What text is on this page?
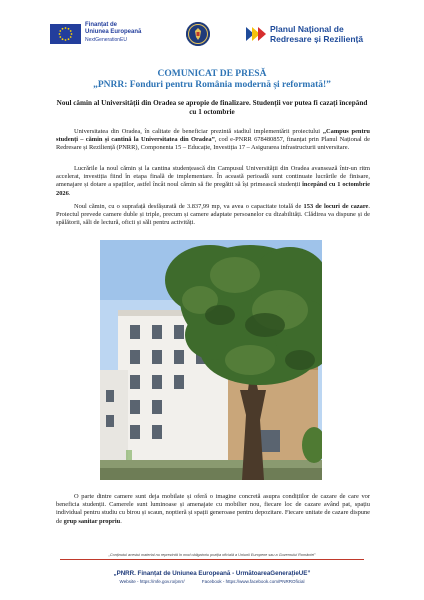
Finanțat de
Uniunea Europeană
NextGenerationEU
Planul Național de
Redresare și Reziliență
COMUNICAT DE PRESĂ
„PNRR: Fonduri pentru România modernă și reformată!”
Noul cămin al Universității din Oradea se apropie de finalizare. Studenții vor putea fi cazați începând cu 1 octombrie

Universitatea din Oradea, în calitate de beneficiar prezintă stadiul implementării proiectului „Campus pentru studenți – cămin și cantină la Universitatea din Oradea”, cod e-PNRR 678480857, finanțat prin Planul Național de Redresare și Reziliență (PNRR), Componenta 15 – Educație, Investiția 17 – Asigurarea infrastructurii universitare.

Lucrările la noul cămin și la cantina studențească din Campusul Universității din Oradea avansează într-un ritm accelerat, investiția fiind în etapa finală de implementare. În această perioadă sunt continuate lucrările de finisare, amenajare și dotare a spațiilor, astfel încât noul cămin să fie pregătit să își primească studenții începând cu 1 octombrie 2026.

Noul cămin, cu o suprafață desfășurată de 3.837,99 mp, va avea o capacitate totală de 153 de locuri de cazare. Proiectul prevede camere duble și triple, precum și camere adaptate persoanelor cu dizabilități. Clădirea va dispune și de spălătorii, săli de lectură, oficii și săli pentru activități.

O parte dintre camere sunt deja mobilate și oferă o imagine concretă asupra condițiilor de cazare de care vor beneficia studenții. Camerele sunt luminoase și amenajate cu mobilier nou, fiecare loc de cazare având pat, spațiu individual pentru studiu cu birou și scaun, noptieră și spații generoase pentru depozitare. Fiecare unitate de cazare dispune de grup sanitar propriu.

„Conținutul acestui material nu reprezintă în mod obligatoriu poziția oficială a Uniunii Europene sau a Guvernului României”
„PNRR. Finanțat de Uniunea Europeană - UrmătoareaGenerațieUE”
Website - https://mfe.gov.ro/pnrr/	Facebook - https://www.facebook.com/PNRROficial
